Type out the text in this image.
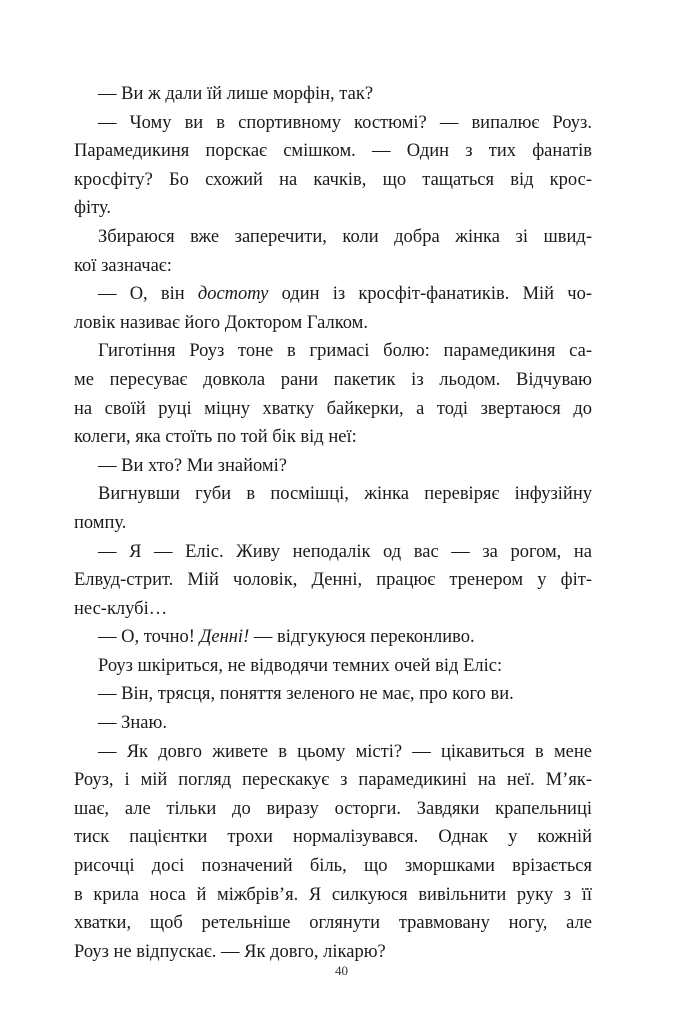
— Ви ж дали їй лише морфін, так?
— Чому ви в спортивному костюмі? — випалює Роуз.
Парамедикиня порскає смішком. — Один з тих фанатів
кросфіту? Бо схожий на качків, що тащаться від крос-
фіту.
Збираюся вже заперечити, коли добра жінка зі швид-
кої зазначає:
— О, він достоту один із кросфіт-фанатиків. Мій чо-
ловік називає його Доктором Галком.
Гиготіння Роуз тоне в гримасі болю: парамедикиня са-
ме пересуває довкола рани пакетик із льодом. Відчуваю
на своїй руці міцну хватку байкерки, а тоді звертаюся до
колеги, яка стоїть по той бік від неї:
— Ви хто? Ми знайомі?
Вигнувши губи в посмішці, жінка перевіряє інфузійну
помпу.
— Я — Еліс. Живу неподалік од вас — за рогом, на
Елвуд-стрит. Мій чоловік, Денні, працює тренером у фіт-
нес-клубі…
— О, точно! Денні! — відгукуюся переконливо.
Роуз шкіриться, не відводячи темних очей від Еліс:
— Він, трясця, поняття зеленого не має, про кого ви.
— Знаю.
— Як довго живете в цьому місті? — цікавиться в мене
Роуз, і мій погляд перескакує з парамедикині на неї. М’як-
шає, але тільки до виразу осторги. Завдяки крапельниці
тиск пацієнтки трохи нормалізувався. Однак у кожній
рисочці досі позначений біль, що зморшками врізається
в крила носа й міжбрів’я. Я силкуюся вивільнити руку з її
хватки, щоб ретельніше оглянути травмовану ногу, але
Роуз не відпускає. — Як довго, лікарю?
40
